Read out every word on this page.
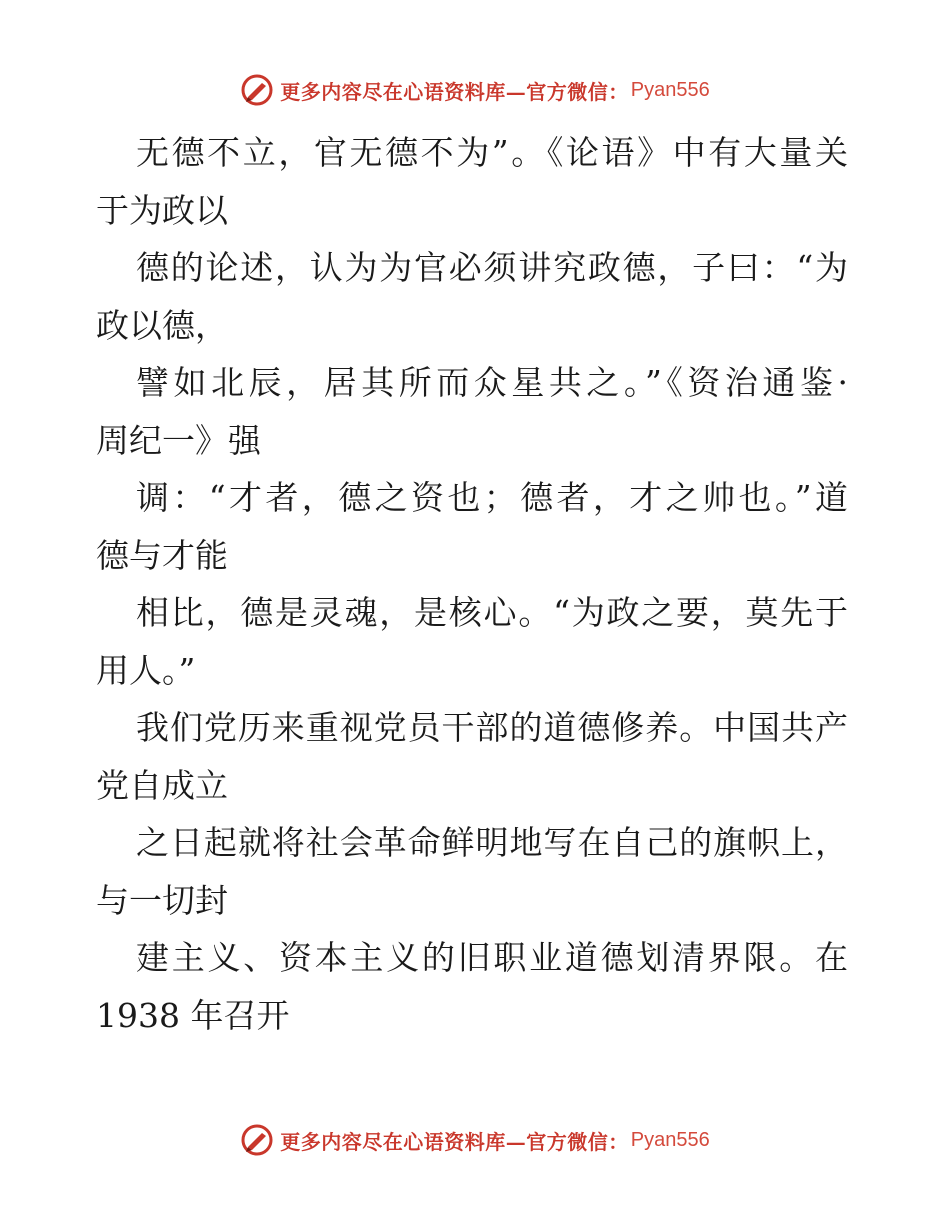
更多内容尽在心语资料库—官方微信： Pyan556
无德不立，官无德不为”。《论语》中有大量关
于为政以
德的论述，认为为官必须讲究政德，子曰：“为
政以德，
譬如北辰，居其所而众星共之。”《资治通鉴·
周纪一》强
调：“才者，德之资也；德者，才之帅也。”道
德与才能
相比，德是灵魂，是核心。“为政之要，莫先于
用人。”
我们党历来重视党员干部的道德修养。中国共产
党自成立
之日起就将社会革命鲜明地写在自己的旗帜上，
与一切封
建主义、资本主义的旧职业道德划清界限。在
1938 年召开
更多内容尽在心语资料库—官方微信： Pyan556
